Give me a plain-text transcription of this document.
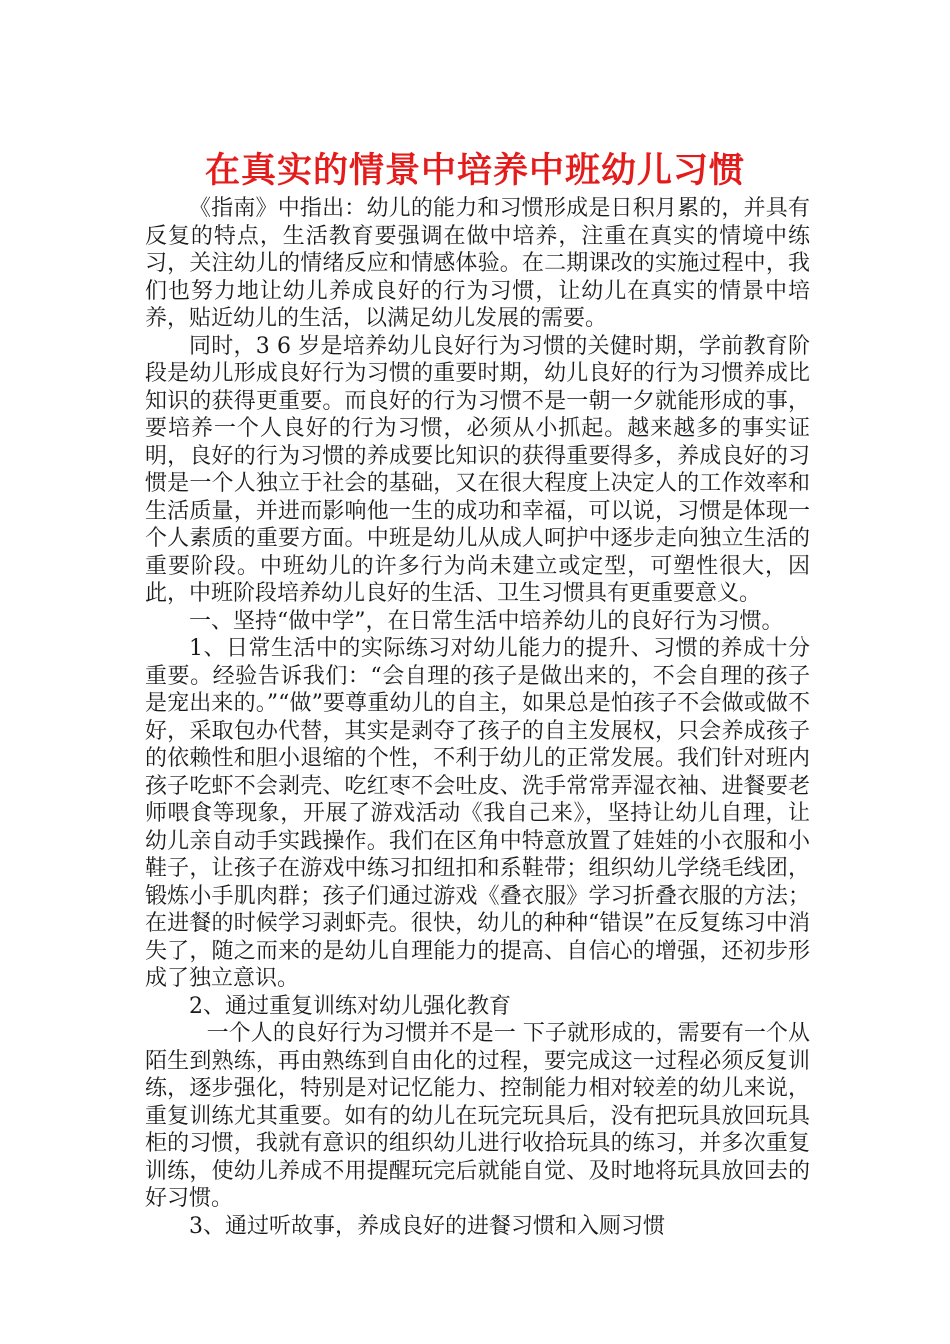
在真实的情景中培养中班幼儿习惯

《指南》中指出：幼儿的能力和习惯形成是日积月累的，并具有反复的特点，生活教育要强调在做中培养，注重在真实的情境中练习，关注幼儿的情绪反应和情感体验。在二期课改的实施过程中，我们也努力地让幼儿养成良好的行为习惯，让幼儿在真实的情景中培养，贴近幼儿的生活，以满足幼儿发展的需要。

同时，3 6 岁是培养幼儿良好行为习惯的关健时期，学前教育阶段是幼儿形成良好行为习惯的重要时期，幼儿良好的行为习惯养成比知识的获得更重要。而良好的行为习惯不是一朝一夕就能形成的事，要培养一个人良好的行为习惯，必须从小抓起。越来越多的事实证明，良好的行为习惯的养成要比知识的获得重要得多，养成良好的习惯是一个人独立于社会的基础，又在很大程度上决定人的工作效率和生活质量，并进而影响他一生的成功和幸福，可以说，习惯是体现一个人素质的重要方面。中班是幼儿从成人呵护中逐步走向独立生活的重要阶段。中班幼儿的许多行为尚未建立或定型，可塑性很大，因此，中班阶段培养幼儿良好的生活、卫生习惯具有更重要意义。

一、坚持“做中学”，在日常生活中培养幼儿的良好行为习惯。

1、日常生活中的实际练习对幼儿能力的提升、习惯的养成十分重要。经验告诉我们：“会自理的孩子是做出来的，不会自理的孩子是宠出来的。”“做”要尊重幼儿的自主，如果总是怕孩子不会做或做不好，采取包办代替，其实是剥夺了孩子的自主发展权，只会养成孩子的依赖性和胆小退缩的个性，不利于幼儿的正常发展。我们针对班内孩子吃虾不会剥壳、吃红枣不会吐皮、洗手常常弄湿衣袖、进餐要老师喂食等现象，开展了游戏活动《我自己来》，坚持让幼儿自理，让幼儿亲自动手实践操作。我们在区角中特意放置了娃娃的小衣服和小鞋子，让孩子在游戏中练习扣纽扣和系鞋带；组织幼儿学绕毛线团，锻炼小手肌肉群；孩子们通过游戏《叠衣服》学习折叠衣服的方法；在进餐的时候学习剥虾壳。很快，幼儿的种种“错误”在反复练习中消失了，随之而来的是幼儿自理能力的提高、自信心的增强，还初步形成了独立意识。

2、通过重复训练对幼儿强化教育

一个人的良好行为习惯并不是一 下子就形成的，需要有一个从陌生到熟练，再由熟练到自由化的过程，要完成这一过程必须反复训练，逐步强化，特别是对记忆能力、控制能力相对较差的幼儿来说，重复训练尤其重要。如有的幼儿在玩完玩具后，没有把玩具放回玩具柜的习惯，我就有意识的组织幼儿进行收拾玩具的练习，并多次重复训练，使幼儿养成不用提醒玩完后就能自觉、及时地将玩具放回去的好习惯。

3、通过听故事，养成良好的进餐习惯和入厕习惯
